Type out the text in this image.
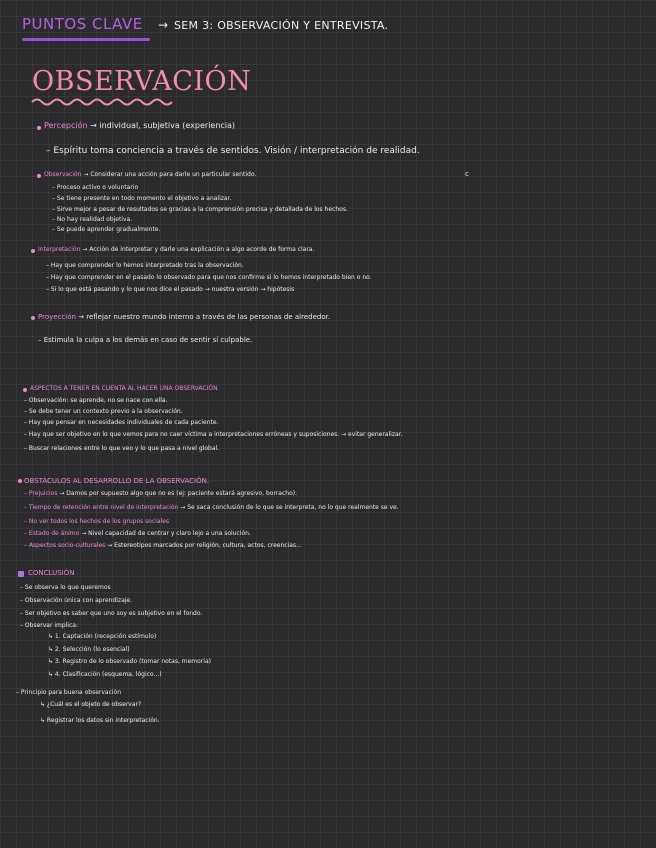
PUNTOS CLAVE → SEM 3: OBSERVACIÓN Y ENTREVISTA.
OBSERVACIÓN
Percepción → individual, subjetiva (experiencia)
– Espíritu toma conciencia a través de sentidos. Visión / interpretación de realidad.
Observación → Considerar una acción para darle un particular sentido.	c
– Proceso activo o voluntario
– Se tiene presente en todo momento el objetivo a analizar.
– Sirve mejor a pesar de resultados se gracias a la comprensión precisa y detallada de los hechos.
– No hay realidad objetiva.
– Se puede aprender gradualmente.
Interpretación → Acción de interpretar y darle una explicación a algo acorde de forma clara.
– Hay que comprender lo hemos interpretado tras la observación.
– Hay que comprender en el pasado lo observado para que nos confirme si lo hemos interpretado bien o no.
– Si lo que está pasando y lo que nos dice el pasado → nuestra versión → hipótesis
Proyección → reflejar nuestro mundo interno a través de las personas de alrededor.
– Estimula la culpa a los demás en caso de sentir sí culpable.
ASPECTOS A TENER EN CUENTA AL HACER UNA OBSERVACIÓN
– Observación: se aprende, no se nace con ella.
– Se debe tener un contexto previo a la observación.
– Hay que pensar en necesidades individuales de cada paciente.
– Hay que ser objetivo en lo que vemos para no caer víctima a interpretaciones erróneas y suposiciones. → evitar generalizar.
– Buscar relaciones entre lo que veo y lo que pasa a nivel global.
OBSTÁCULOS AL DESARROLLO DE LA OBSERVACIÓN.
– Prejuicios → Damos por supuesto algo que no es (ej: paciente estará agresivo, borracho).
– Tiempo de retención entre nivel de interpretación → Se saca conclusión de lo que se interpreta, no lo que realmente se ve.
– No ver todos los hechos de los grupos sociales
– Estado de ánimo → Nivel capacidad de centrar y claro lejo a una solución.
– Aspectos socio-culturales → Estereotipos marcados por religión, cultura, actos, creencias...
CONCLUSIÓN
– Se observa lo que queremos
– Observación única con aprendizaje.
– Ser objetivo es saber que uno soy es subjetivo en el fondo.
– Observar implica:
↳ 1. Captación (recepción estímulo)
↳ 2. Selección (lo esencial)
↳ 3. Registro de lo observado (tomar notas, memoria)
↳ 4. Clasificación (esquema, lógico...)
– Principio para buena observación
↳ ¿Cuál es el objeto de observar?
↳ Registrar los datos sin interpretación.
